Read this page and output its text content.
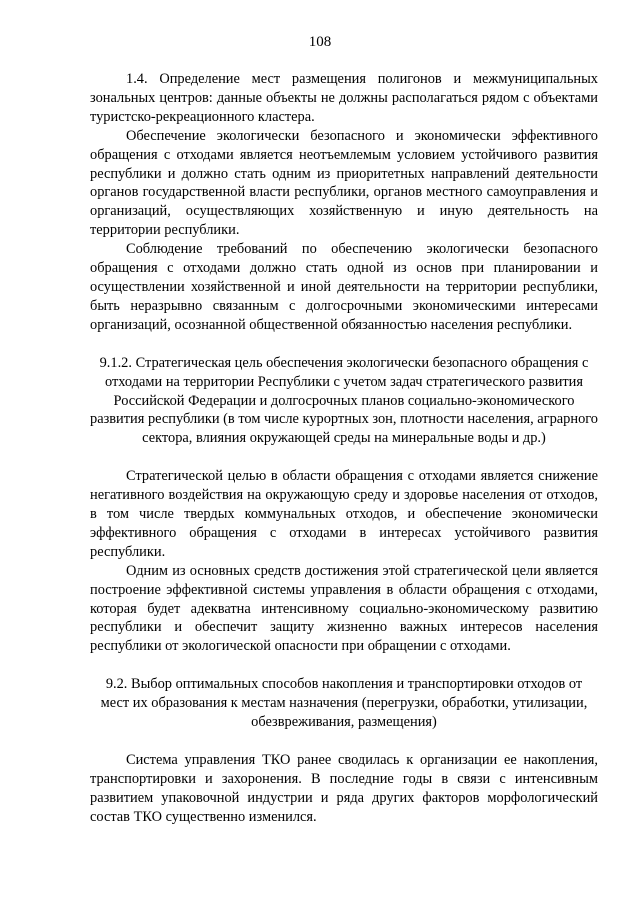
108

1.4. Определение мест размещения полигонов и межмуниципальных зональных центров: данные объекты не должны располагаться рядом с объектами туристско-рекреационного кластера.

Обеспечение экологически безопасного и экономически эффективного обращения с отходами является неотъемлемым условием устойчивого развития республики и должно стать одним из приоритетных направлений деятельности органов государственной власти республики, органов местного самоуправления и организаций, осуществляющих хозяйственную и иную деятельность на территории республики.

Соблюдение требований по обеспечению экологически безопасного обращения с отходами должно стать одной из основ при планировании и осуществлении хозяйственной и иной деятельности на территории республики, быть неразрывно связанным с долгосрочными экономическими интересами организаций, осознанной общественной обязанностью населения республики.

9.1.2. Стратегическая цель обеспечения экологически безопасного обращения с отходами на территории Республики с учетом задач стратегического развития Российской Федерации и долгосрочных планов социально-экономического развития республики (в том числе курортных зон, плотности населения, аграрного сектора, влияния окружающей среды на минеральные воды и др.)

Стратегической целью в области обращения с отходами является снижение негативного воздействия на окружающую среду и здоровье населения от отходов, в том числе твердых коммунальных отходов, и обеспечение экономически эффективного обращения с отходами в интересах устойчивого развития республики.

Одним из основных средств достижения этой стратегической цели является построение эффективной системы управления в области обращения с отходами, которая будет адекватна интенсивному социально-экономическому развитию республики и обеспечит защиту жизненно важных интересов населения республики от экологической опасности при обращении с отходами.

9.2. Выбор оптимальных способов накопления и транспортировки отходов от мест их образования к местам назначения (перегрузки, обработки, утилизации, обезвреживания, размещения)

Система управления ТКО ранее сводилась к организации ее накопления, транспортировки и захоронения. В последние годы в связи с интенсивным развитием упаковочной индустрии и ряда других факторов морфологический состав ТКО существенно изменился.
